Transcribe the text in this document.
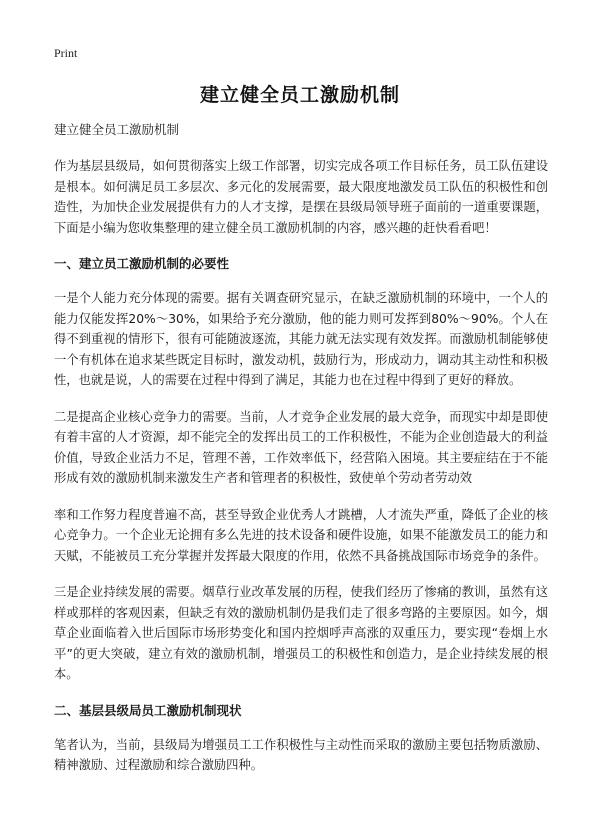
Print
建立健全员工激励机制
建立健全员工激励机制

作为基层县级局，如何贯彻落实上级工作部署，切实完成各项工作目标任务，员工队伍建设是根本。如何满足员工多层次、多元化的发展需要，最大限度地激发员工队伍的积极性和创造性，为加快企业发展提供有力的人才支撑，是摆在县级局领导班子面前的一道重要课题，下面是小编为您收集整理的建立健全员工激励机制的内容，感兴趣的赶快看看吧！

一、建立员工激励机制的必要性

一是个人能力充分体现的需要。据有关调查研究显示，在缺乏激励机制的环境中，一个人的能力仅能发挥20%～30%，如果给予充分激励，他的能力则可发挥到80%～90%。个人在得不到重视的情形下，很有可能随波逐流，其能力就无法实现有效发挥。而激励机制能够使一个有机体在追求某些既定目标时，激发动机，鼓励行为，形成动力，调动其主动性和积极性，也就是说，人的需要在过程中得到了满足，其能力也在过程中得到了更好的释放。

二是提高企业核心竞争力的需要。当前，人才竞争企业发展的最大竞争，而现实中却是即使有着丰富的人才资源，却不能完全的发挥出员工的工作积极性，不能为企业创造最大的利益价值，导致企业活力不足，管理不善，工作效率低下，经营陷入困境。其主要症结在于不能形成有效的激励机制来激发生产者和管理者的积极性，致使单个劳动者劳动效

率和工作努力程度普遍不高，甚至导致企业优秀人才跳槽，人才流失严重，降低了企业的核心竞争力。一个企业无论拥有多么先进的技术设备和硬件设施，如果不能激发员工的能力和天赋，不能被员工充分掌握并发挥最大限度的作用，依然不具备挑战国际市场竞争的条件。

三是企业持续发展的需要。烟草行业改革发展的历程，使我们经历了惨痛的教训，虽然有这样或那样的客观因素，但缺乏有效的激励机制仍是我们走了很多弯路的主要原因。如今，烟草企业面临着入世后国际市场形势变化和国内控烟呼声高涨的双重压力，要实现“卷烟上水平”的更大突破，建立有效的激励机制，增强员工的积极性和创造力，是企业持续发展的根本。

二、基层县级局员工激励机制现状

笔者认为，当前，县级局为增强员工工作积极性与主动性而采取的激励主要包括物质激励、精神激励、过程激励和综合激励四种。
